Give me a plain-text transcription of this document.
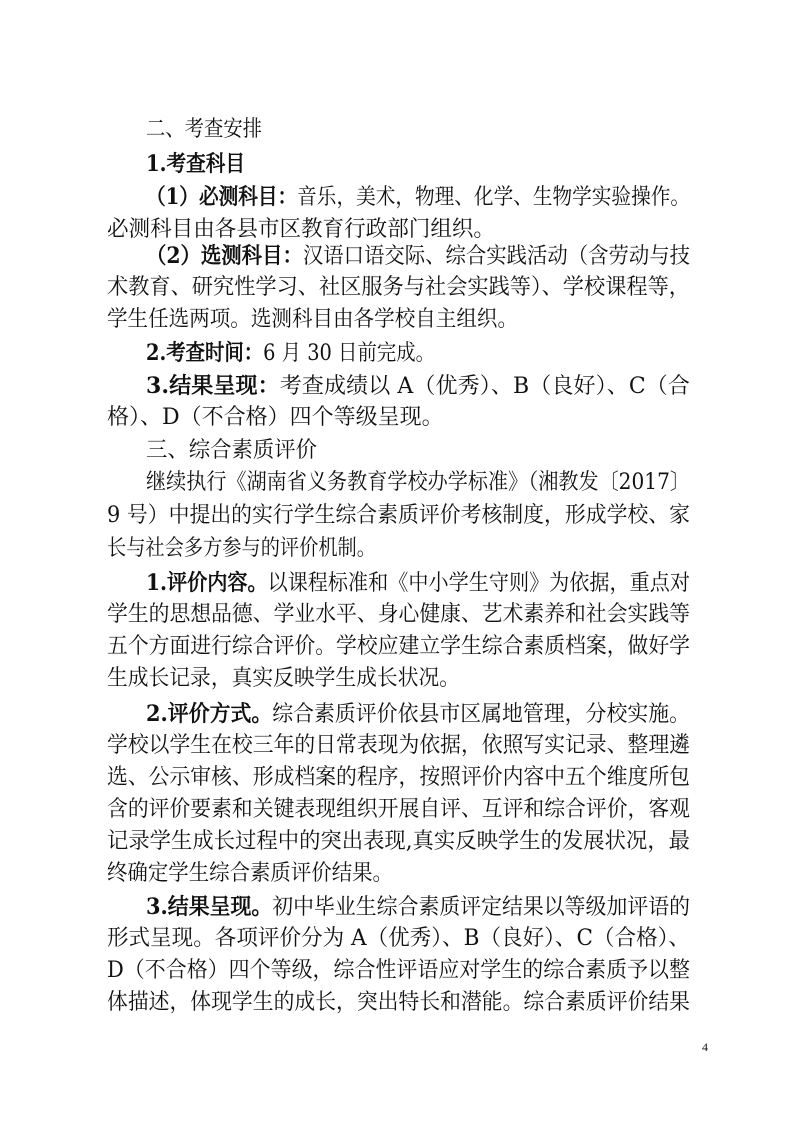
二、考查安排
1.考查科目
（1）必测科目：音乐，美术，物理、化学、生物学实验操作。
必测科目由各县市区教育行政部门组织。
（2）选测科目：汉语口语交际、综合实践活动（含劳动与技
术教育、研究性学习、社区服务与社会实践等）、学校课程等，
学生任选两项。选测科目由各学校自主组织。
2.考查时间：6 月 30 日前完成。
3.结果呈现：考查成绩以 A（优秀）、B（良好）、C（合
格）、D（不合格）四个等级呈现。
三、综合素质评价
继续执行《湖南省义务教育学校办学标准》（湘教发〔2017〕
9 号）中提出的实行学生综合素质评价考核制度，形成学校、家
长与社会多方参与的评价机制。
1.评价内容。以课程标准和《中小学生守则》为依据，重点对
学生的思想品德、学业水平、身心健康、艺术素养和社会实践等
五个方面进行综合评价。学校应建立学生综合素质档案，做好学
生成长记录，真实反映学生成长状况。
2.评价方式。综合素质评价依县市区属地管理，分校实施。
学校以学生在校三年的日常表现为依据，依照写实记录、整理遴
选、公示审核、形成档案的程序，按照评价内容中五个维度所包
含的评价要素和关键表现组织开展自评、互评和综合评价，客观
记录学生成长过程中的突出表现,真实反映学生的发展状况，最
终确定学生综合素质评价结果。
3.结果呈现。初中毕业生综合素质评定结果以等级加评语的
形式呈现。各项评价分为 A（优秀）、B（良好）、C（合格）、
D（不合格）四个等级，综合性评语应对学生的综合素质予以整
体描述，体现学生的成长，突出特长和潜能。综合素质评价结果
4
